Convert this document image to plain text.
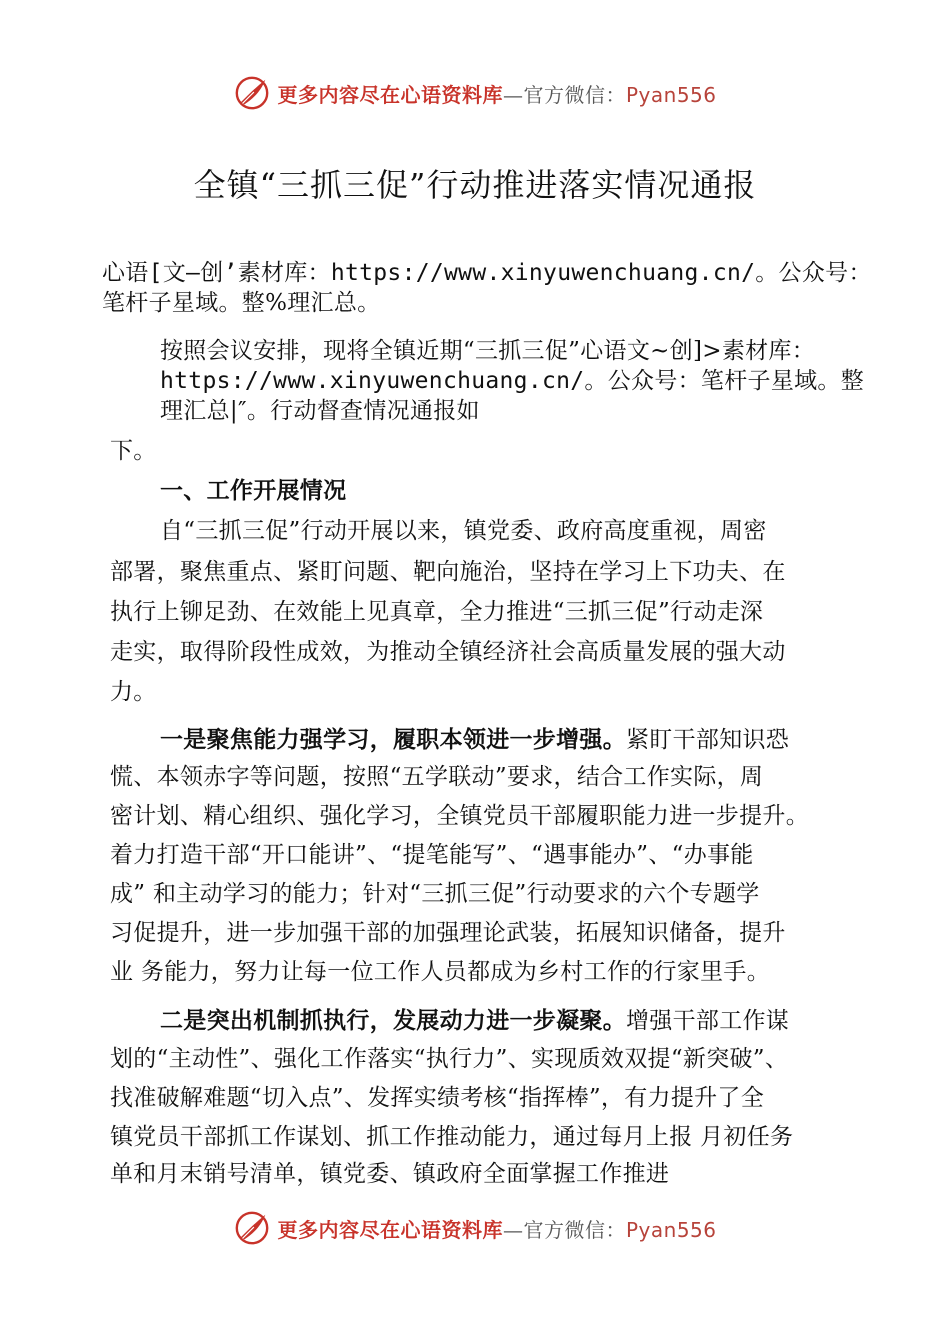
更多内容尽在心语资料库—官方微信：Pyan556
全镇“三抓三促”行动推进落实情况通报
心语[文—创’素材库：https://www.xinyuwenchuang.cn/。公众号：
笔杆子星域。整%理汇总。
按照会议安排，现将全镇近期“三抓三促”心语文~创]>素材库：
https://www.xinyuwenchuang.cn/。公众号：笔杆子星域。整
理汇总|″。行动督查情况通报如
下。
一、工作开展情况
自“三抓三促”行动开展以来，镇党委、政府高度重视，周密
部署，聚焦重点、紧盯问题、靶向施治，坚持在学习上下功夫、在
执行上铆足劲、在效能上见真章，全力推进“三抓三促”行动走深
走实，取得阶段性成效，为推动全镇经济社会高质量发展的强大动
力。
一是聚焦能力强学习，履职本领进一步增强。紧盯干部知识恐
慌、本领赤字等问题，按照“五学联动”要求，结合工作实际，周
密计划、精心组织、强化学习，全镇党员干部履职能力进一步提升。
着力打造干部“开口能讲”、“提笔能写”、“遇事能办”、“办事能
成” 和主动学习的能力；针对“三抓三促”行动要求的六个专题学
习促提升，进一步加强干部的加强理论武装，拓展知识储备，提升
业 务能力，努力让每一位工作人员都成为乡村工作的行家里手。
二是突出机制抓执行，发展动力进一步凝聚。增强干部工作谋
划的“主动性”、强化工作落实“执行力”、实现质效双提“新突破”、
找准破解难题“切入点”、发挥实绩考核“指挥棒”，有力提升了全
镇党员干部抓工作谋划、抓工作推动能力，通过每月上报 月初任务
单和月末销号清单，镇党委、镇政府全面掌握工作推进
更多内容尽在心语资料库—官方微信：Pyan556
